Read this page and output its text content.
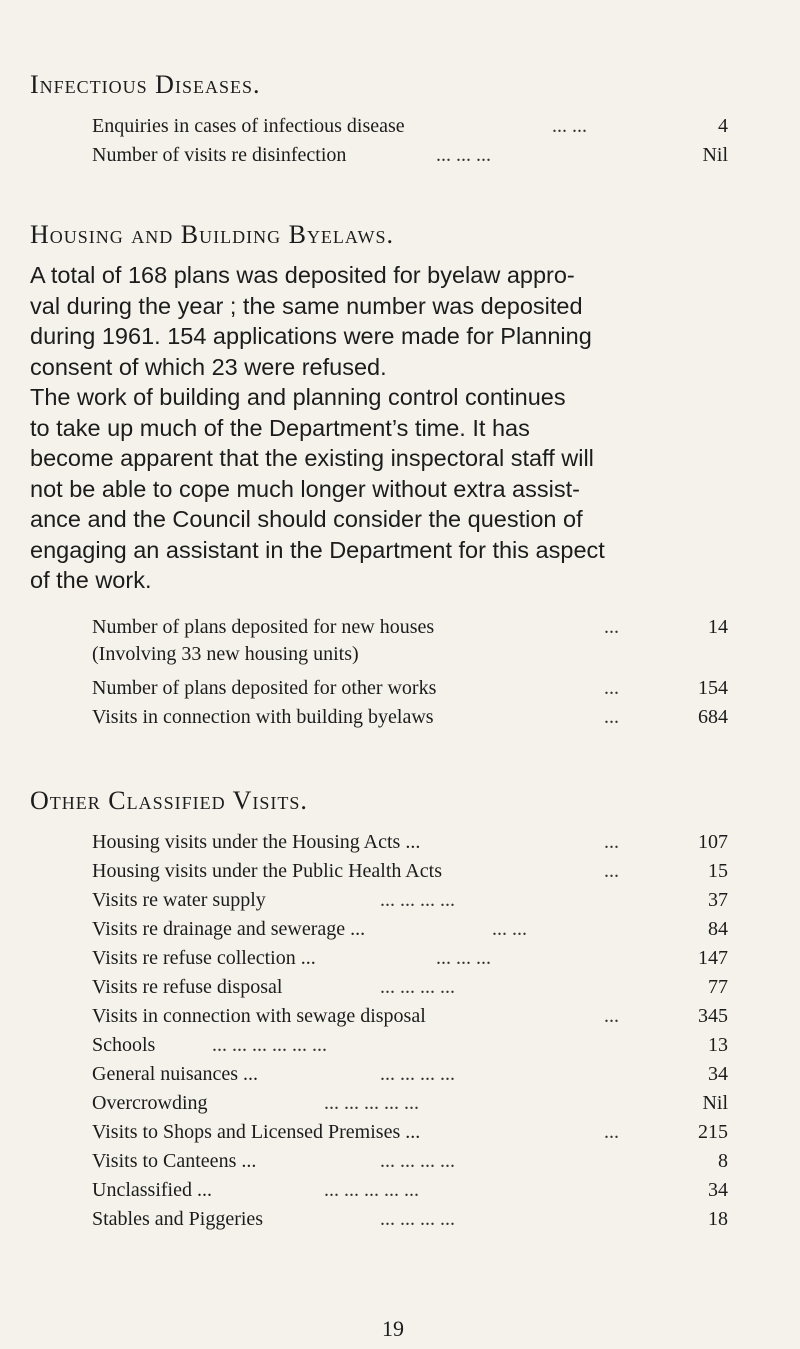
Infectious Diseases.
Enquiries in cases of infectious disease	... ...	4
Number of visits re disinfection	... ... ...	Nil
Housing and Building Byelaws.

A total of 168 plans was deposited for byelaw appro-
val during the year ; the same number was deposited
during 1961. 154 applications were made for Planning
consent of which 23 were refused.
The work of building and planning control continues
to take up much of the Department’s time. It has
become apparent that the existing inspectoral staff will
not be able to cope much longer without extra assist-
ance and the Council should consider the question of
engaging an assistant in the Department for this aspect
of the work.

Number of plans deposited for new houses	...	14
(Involving 33 new housing units)
Number of plans deposited for other works	...	154
Visits in connection with building byelaws	...	684
Other Classified Visits.
Housing visits under the Housing Acts ...	...	107
Housing visits under the Public Health Acts	...	15
Visits re water supply	... ... ... ...	37
Visits re drainage and sewerage ...	... ...	84
Visits re refuse collection ...	... ... ...	147
Visits re refuse disposal	... ... ... ...	77
Visits in connection with sewage disposal	...	345
Schools	... ... ... ... ... ...	13
General nuisances ...	... ... ... ...	34
Overcrowding	... ... ... ... ...	Nil
Visits to Shops and Licensed Premises ...	...	215
Visits to Canteens ...	... ... ... ...	8
Unclassified ...	... ... ... ... ...	34
Stables and Piggeries	... ... ... ...	18
19
